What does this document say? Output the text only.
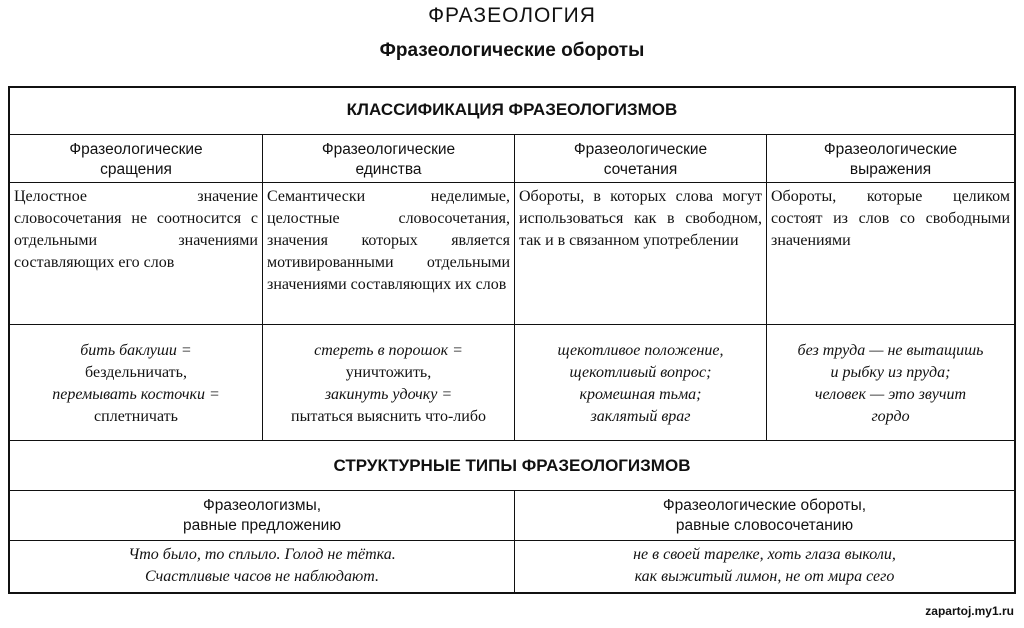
ФРАЗЕОЛОГИЯ
Фразеологические обороты
КЛАССИФИКАЦИЯ ФРАЗЕОЛОГИЗМОВ
Фразеологические
сращения
Целостное значение словосочетания не соотносится с отдельными значениями составляющих его слов
бить баклуши =
бездельничать,
перемывать косточки =
сплетничать
Фразеологические
единства
Семантически неделимые, целостные словосочетания, значения которых является мотивированными отдельными значениями составляющих их слов
стереть в порошок =
уничтожить,
закинуть удочку =
пытаться выяснить что-либо
Фразеологические
сочетания
Обороты, в которых слова могут использоваться как в свободном, так и в связанном употреблении
щекотливое положение,
щекотливый вопрос;
кромешная тьма;
заклятый враг
Фразеологические
выражения
Обороты, которые целиком состоят из слов со свободными значениями
без труда — не вытащишь
и рыбку из пруда;
человек — это звучит
гордо
СТРУКТУРНЫЕ ТИПЫ ФРАЗЕОЛОГИЗМОВ
Фразеологизмы,
равные предложению
Что было, то сплыло. Голод не тётка.
Счастливые часов не наблюдают.
Фразеологические обороты,
равные словосочетанию
не в своей тарелке, хоть глаза выколи,
как выжитый лимон, не от мира сего
zapartoj.my1.ru
